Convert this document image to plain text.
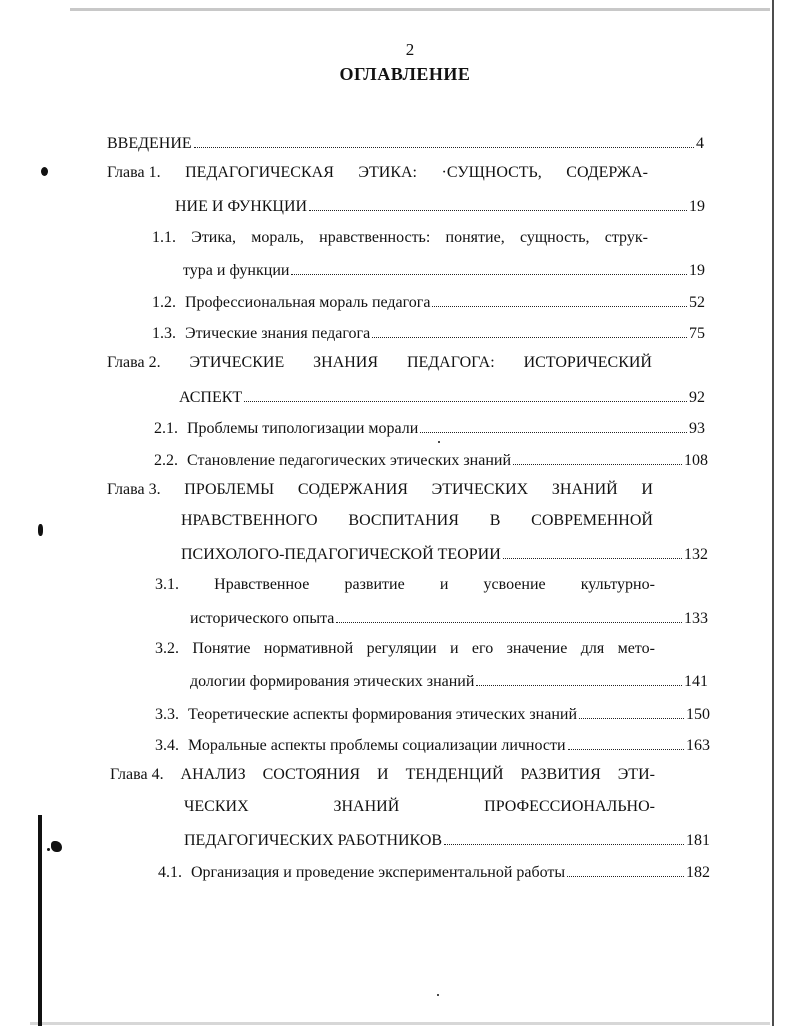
2
ОГЛАВЛЕНИЕ
ВВЕДЕНИЕ	4
Глава 1. ПЕДАГОГИЧЕСКАЯ ЭТИКА: ·СУЩНОСТЬ, СОДЕРЖА-
НИЕ И ФУНКЦИИ	19
1.1. Этика, мораль, нравственность: понятие, сущность, струк-
тура и функции	19
1.2. Профессиональная мораль педагога	52
1.3. Этические знания педагога	75
Глава 2. ЭТИЧЕСКИЕ ЗНАНИЯ ПЕДАГОГА: ИСТОРИЧЕСКИЙ
АСПЕКТ	92
2.1. Проблемы типологизации морали	93
2.2. Становление педагогических этических знаний	108
Глава 3. ПРОБЛЕМЫ СОДЕРЖАНИЯ ЭТИЧЕСКИХ ЗНАНИЙ И
НРАВСТВЕННОГО ВОСПИТАНИЯ В СОВРЕМЕННОЙ
ПСИХОЛОГО-ПЕДАГОГИЧЕСКОЙ ТЕОРИИ	132
3.1. Нравственное развитие и усвоение культурно-
исторического опыта	133
3.2. Понятие нормативной регуляции и его значение для мето-
дологии формирования этических знаний	141
3.3. Теоретические аспекты формирования этических знаний	150
3.4. Моральные аспекты проблемы социализации личности	163
Глава 4. АНАЛИЗ СОСТОЯНИЯ И ТЕНДЕНЦИЙ РАЗВИТИЯ ЭТИ-
ЧЕСКИХ	ЗНАНИЙ	ПРОФЕССИОНАЛЬНО-
ПЕДАГОГИЧЕСКИХ РАБОТНИКОВ	181
4.1. Организация и проведение экспериментальной работы	182
